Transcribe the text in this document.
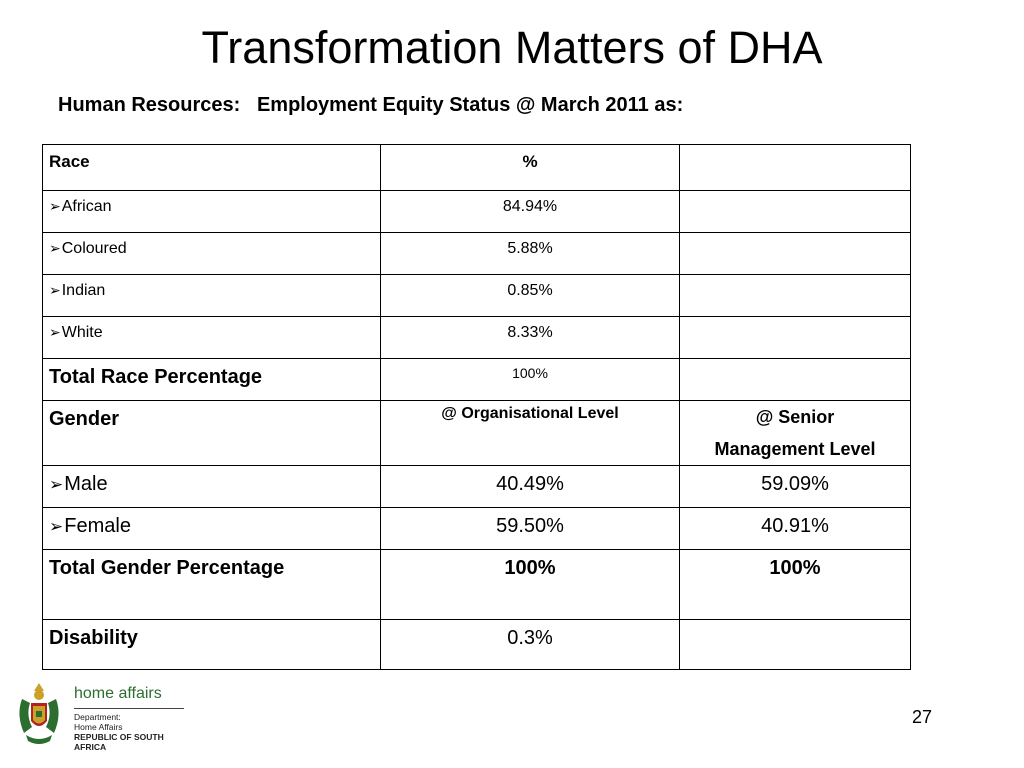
Transformation Matters of DHA
Human Resources:   Employment Equity Status @ March 2011 as:
Race	%	
➢African	84.94%	
➢Coloured	5.88%	
➢Indian	0.85%	
➢White	8.33%	
Total Race Percentage	100%	
Gender	@ Organisational Level	@ Senior
Management Level

➢Male	40.49%	59.09%
➢Female	59.50%	40.91%
Total Gender Percentage	100%	100%
Disability	0.3%	
home affairs
Department:
Home Affairs
REPUBLIC OF SOUTH AFRICA
27
